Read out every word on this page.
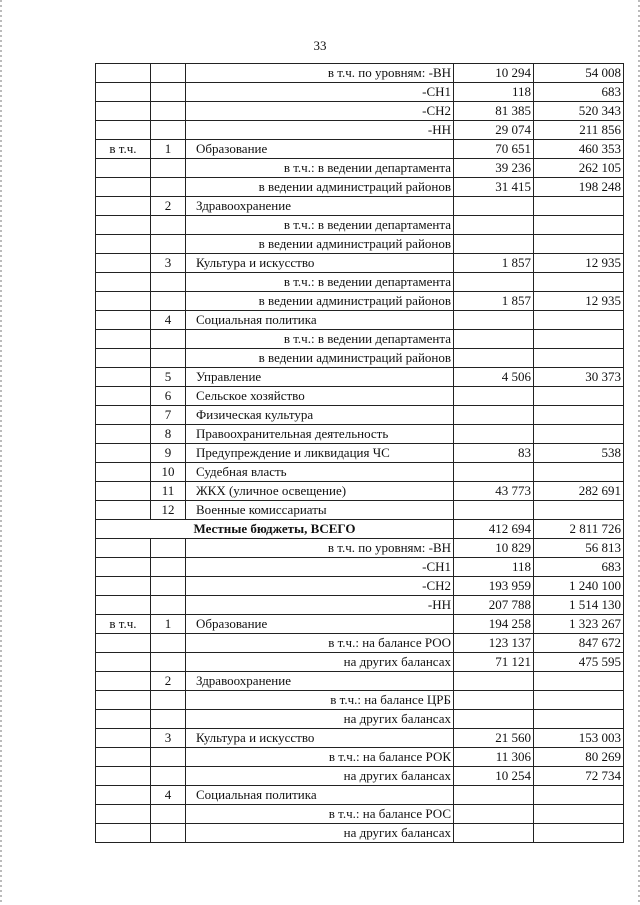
33
		в т.ч. по уровням: -ВН	10 294	54 008
		-СН1	118	683
		-СН2	81 385	520 343
		-НН	29 074	211 856
в т.ч.	1	Образование	70 651	460 353
		в т.ч.: в ведении департамента	39 236	262 105
		в ведении администраций районов	31 415	198 248
	2	Здравоохранение		
		в т.ч.: в ведении департамента		
		в ведении администраций районов		
	3	Культура и искусство	1 857	12 935
		в т.ч.: в ведении департамента		
		в ведении администраций районов	1 857	12 935
	4	Социальная политика		
		в т.ч.: в ведении департамента		
		в ведении администраций районов		
	5	Управление	4 506	30 373
	6	Сельское хозяйство		
	7	Физическая культура		
	8	Правоохранительная деятельность		
	9	Предупреждение и ликвидация ЧС	83	538
	10	Судебная власть		
	11	ЖКХ (уличное освещение)	43 773	282 691
	12	Военные комиссариаты		
Местные бюджеты, ВСЕГО			412 694	2 811 726
		в т.ч. по уровням: -ВН	10 829	56 813
		-СН1	118	683
		-СН2	193 959	1 240 100
		-НН	207 788	1 514 130
в т.ч.	1	Образование	194 258	1 323 267
		в т.ч.: на балансе РОО	123 137	847 672
		на других балансах	71 121	475 595
	2	Здравоохранение		
		в т.ч.: на балансе ЦРБ		
		на других балансах		
	3	Культура и искусство	21 560	153 003
		в т.ч.: на балансе РОК	11 306	80 269
		на других балансах	10 254	72 734
	4	Социальная политика		
		в т.ч.: на балансе РОС		
		на других балансах		
